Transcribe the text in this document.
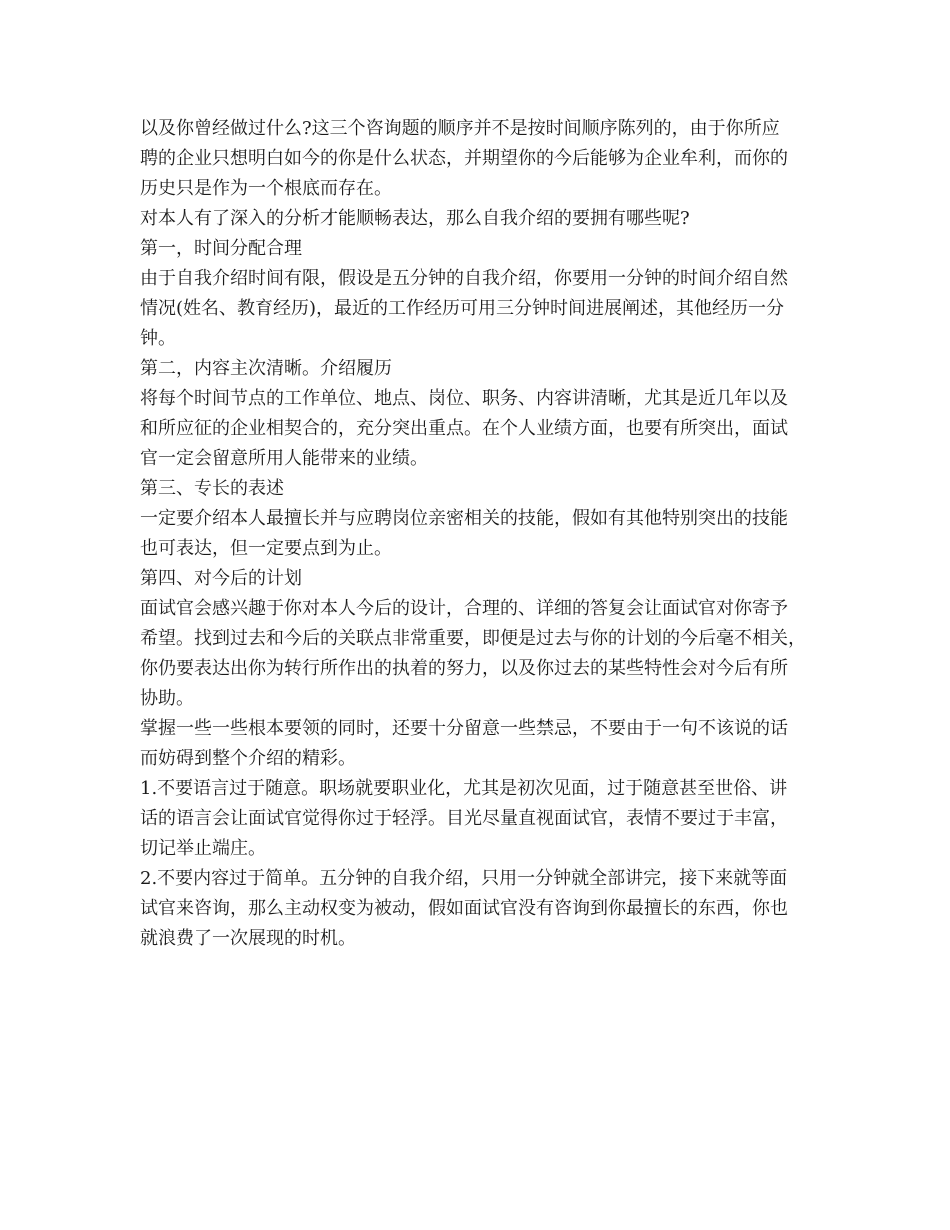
以及你曾经做过什么?这三个咨询题的顺序并不是按时间顺序陈列的，由于你所应
聘的企业只想明白如今的你是什么状态，并期望你的今后能够为企业牟利，而你的
历史只是作为一个根底而存在。
对本人有了深入的分析才能顺畅表达，那么自我介绍的要拥有哪些呢?
第一，时间分配合理
由于自我介绍时间有限，假设是五分钟的自我介绍，你要用一分钟的时间介绍自然
情况(姓名、教育经历)，最近的工作经历可用三分钟时间进展阐述，其他经历一分
钟。
第二，内容主次清晰。介绍履历
将每个时间节点的工作单位、地点、岗位、职务、内容讲清晰，尤其是近几年以及
和所应征的企业相契合的，充分突出重点。在个人业绩方面，也要有所突出，面试
官一定会留意所用人能带来的业绩。
第三、专长的表述
一定要介绍本人最擅长并与应聘岗位亲密相关的技能，假如有其他特别突出的技能
也可表达，但一定要点到为止。
第四、对今后的计划
面试官会感兴趣于你对本人今后的设计，合理的、详细的答复会让面试官对你寄予
希望。找到过去和今后的关联点非常重要，即便是过去与你的计划的今后毫不相关，
你仍要表达出你为转行所作出的执着的努力，以及你过去的某些特性会对今后有所
协助。
掌握一些一些根本要领的同时，还要十分留意一些禁忌，不要由于一句不该说的话
而妨碍到整个介绍的精彩。
1.不要语言过于随意。职场就要职业化，尤其是初次见面，过于随意甚至世俗、讲
话的语言会让面试官觉得你过于轻浮。目光尽量直视面试官，表情不要过于丰富，
切记举止端庄。
2.不要内容过于简单。五分钟的自我介绍，只用一分钟就全部讲完，接下来就等面
试官来咨询，那么主动权变为被动，假如面试官没有咨询到你最擅长的东西，你也
就浪费了一次展现的时机。
